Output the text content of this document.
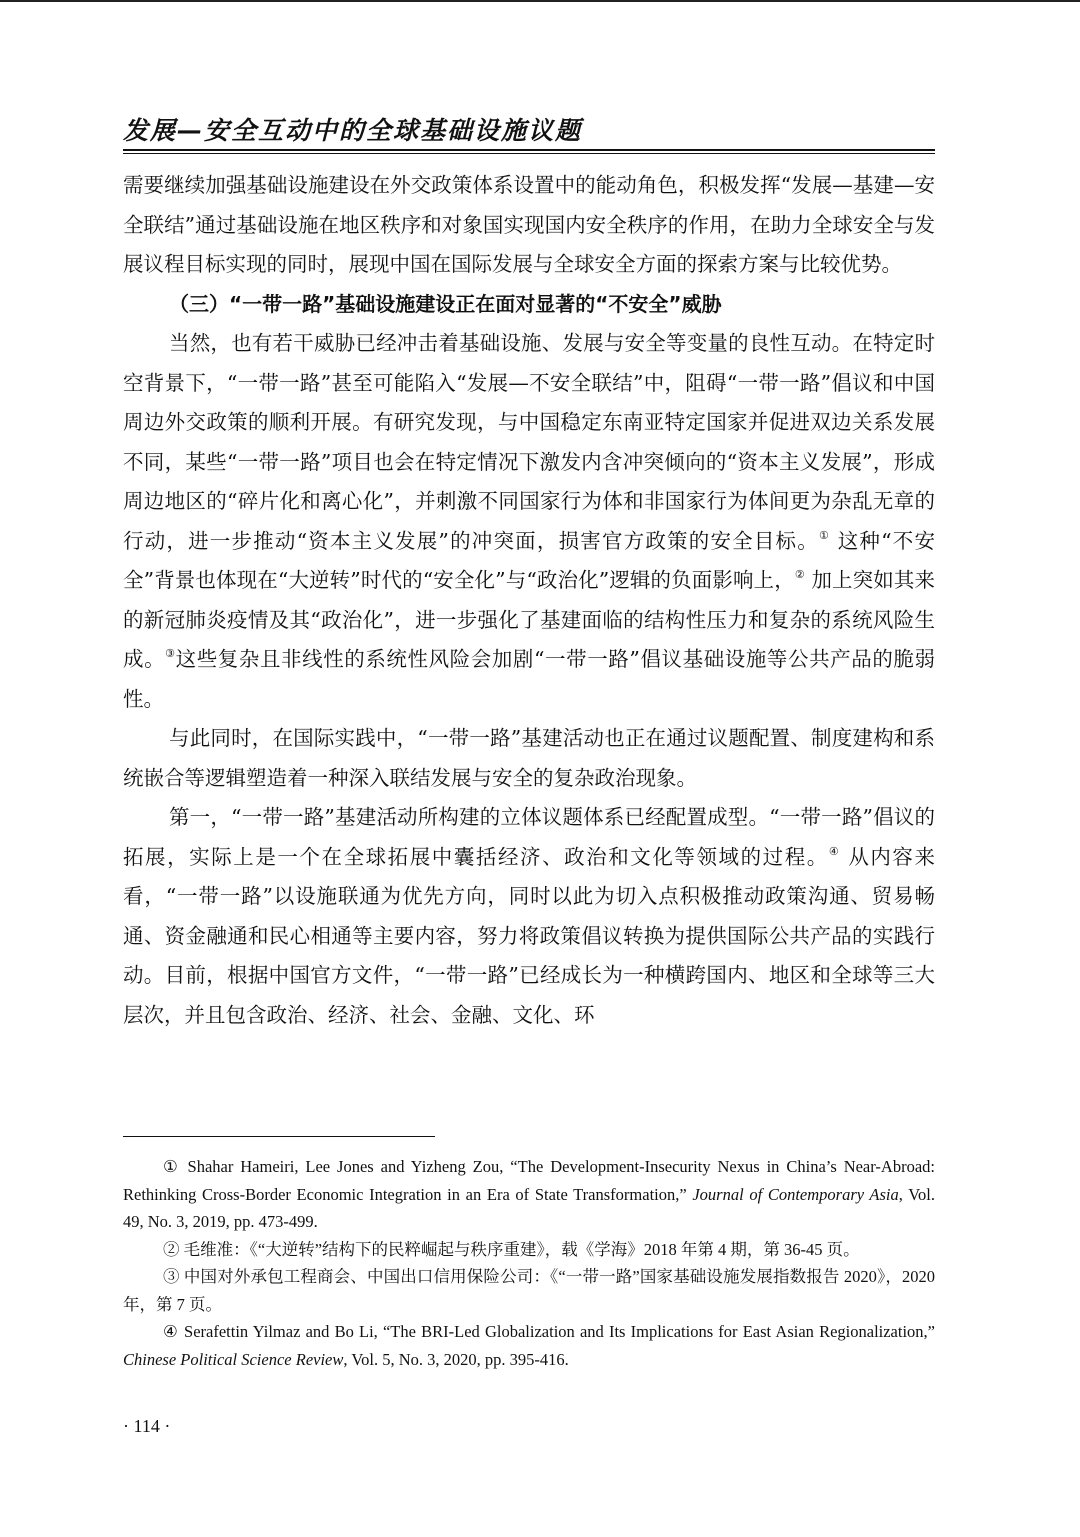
发展—安全互动中的全球基础设施议题

需要继续加强基础设施建设在外交政策体系设置中的能动角色，积极发挥“发展—基建—安全联结”通过基础设施在地区秩序和对象国实现国内安全秩序的作用，在助力全球安全与发展议程目标实现的同时，展现中国在国际发展与全球安全方面的探索方案与比较优势。

（三）“一带一路”基础设施建设正在面对显著的“不安全”威胁

当然，也有若干威胁已经冲击着基础设施、发展与安全等变量的良性互动。在特定时空背景下，“一带一路”甚至可能陷入“发展—不安全联结”中，阻碍“一带一路”倡议和中国周边外交政策的顺利开展。有研究发现，与中国稳定东南亚特定国家并促进双边关系发展不同，某些“一带一路”项目也会在特定情况下激发内含冲突倾向的“资本主义发展”，形成周边地区的“碎片化和离心化”，并刺激不同国家行为体和非国家行为体间更为杂乱无章的行动，进一步推动“资本主义发展”的冲突面，损害官方政策的安全目标。① 这种“不安全”背景也体现在“大逆转”时代的“安全化”与“政治化”逻辑的负面影响上，② 加上突如其来的新冠肺炎疫情及其“政治化”，进一步强化了基建面临的结构性压力和复杂的系统风险生成。③这些复杂且非线性的系统性风险会加剧“一带一路”倡议基础设施等公共产品的脆弱性。

与此同时，在国际实践中，“一带一路”基建活动也正在通过议题配置、制度建构和系统嵌合等逻辑塑造着一种深入联结发展与安全的复杂政治现象。

第一，“一带一路”基建活动所构建的立体议题体系已经配置成型。“一带一路”倡议的拓展，实际上是一个在全球拓展中囊括经济、政治和文化等领域的过程。④ 从内容来看，“一带一路”以设施联通为优先方向，同时以此为切入点积极推动政策沟通、贸易畅通、资金融通和民心相通等主要内容，努力将政策倡议转换为提供国际公共产品的实践行动。目前，根据中国官方文件，“一带一路”已经成长为一种横跨国内、地区和全球等三大层次，并且包含政治、经济、社会、金融、文化、环

① Shahar Hameiri, Lee Jones and Yizheng Zou, “The Development-Insecurity Nexus in China’s Near-Abroad: Rethinking Cross-Border Economic Integration in an Era of State Transformation,” Journal of Contemporary Asia, Vol. 49, No. 3, 2019, pp. 473-499.

② 毛维准：《“大逆转”结构下的民粹崛起与秩序重建》，载《学海》2018 年第 4 期，第 36-45 页。

③ 中国对外承包工程商会、中国出口信用保险公司：《“一带一路”国家基础设施发展指数报告 2020》，2020 年，第 7 页。

④ Serafettin Yilmaz and Bo Li, “The BRI-Led Globalization and Its Implications for East Asian Regionalization,” Chinese Political Science Review, Vol. 5, No. 3, 2020, pp. 395-416.

· 114 ·
